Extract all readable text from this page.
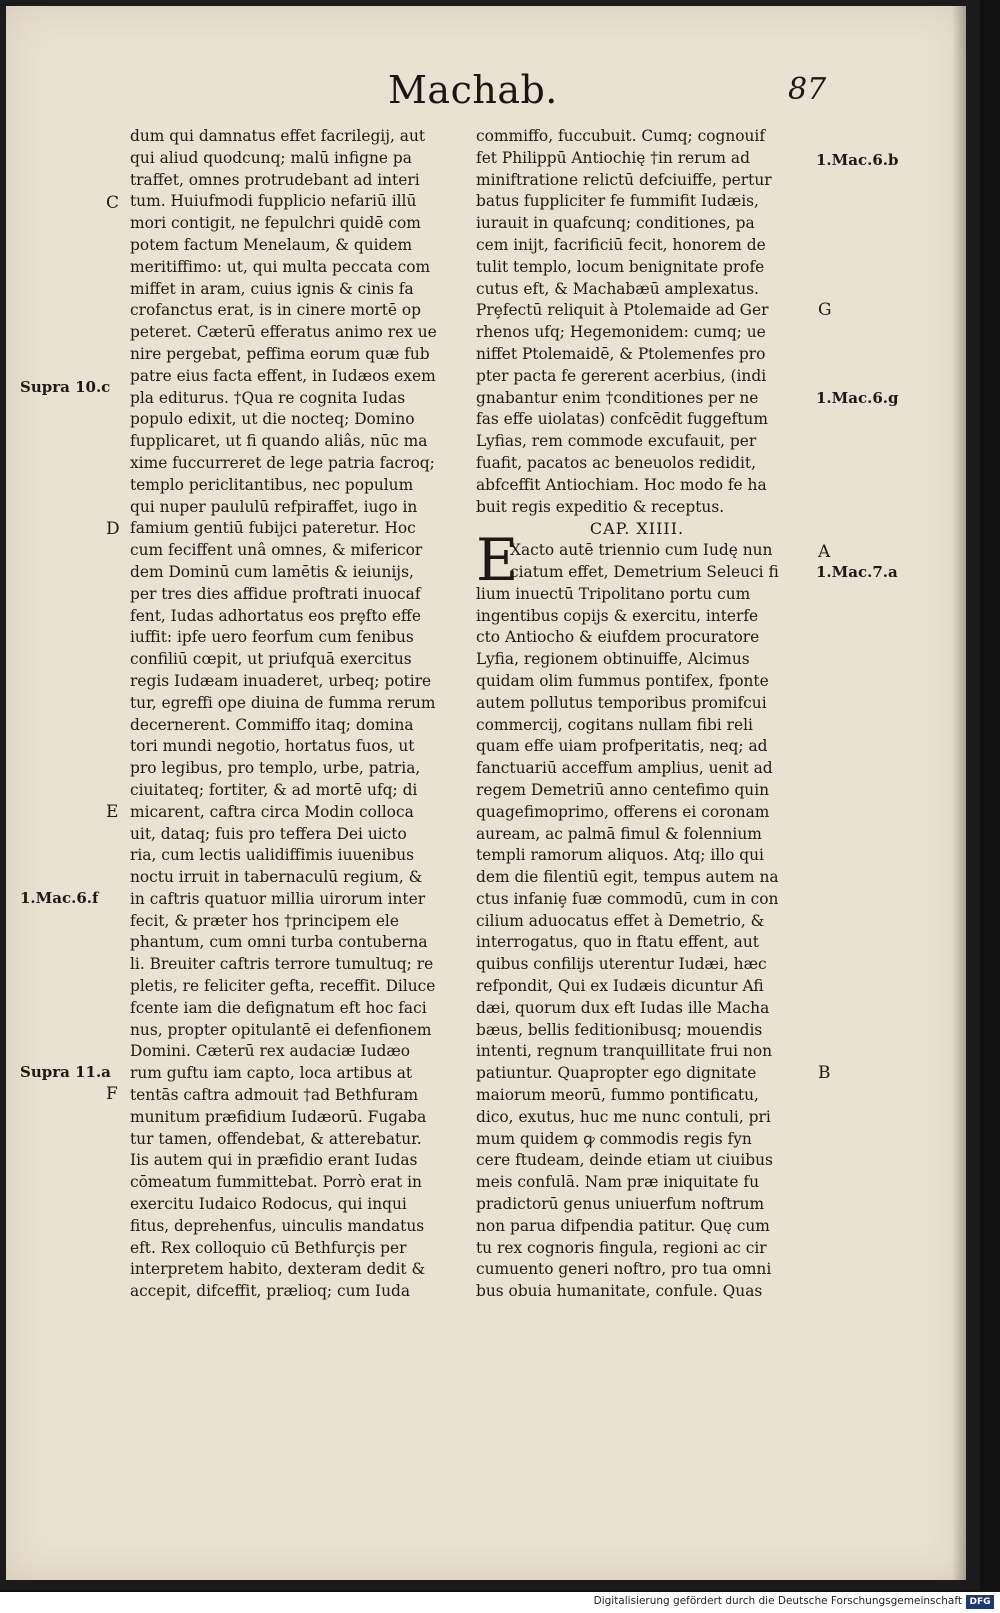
Machab.	87
dum qui damnatus effet facrilegij, aut
qui aliud quodcunq; malū infigne pa
traffet, omnes protrudebant ad interi
tum. Huiufmodi fupplicio nefariū illū
mori contigit, ne fepulchri quidē com
potem factum Menelaum, & quidem
meritiffimo: ut, qui multa peccata com
miffet in aram, cuius ignis & cinis fa
crofanctus erat, is in cinere mortē op
peteret. Cæterū efferatus animo rex ue
nire pergebat, peffima eorum quæ fub
patre eius facta effent, in Iudæos exem
pla editurus. †Qua re cognita Iudas
populo edixit, ut die nocteq; Domino
fupplicaret, ut fi quando aliâs, nūc ma
xime fuccurreret de lege patria facroq;
templo periclitantibus, nec populum
qui nuper paululū refpiraffet, iugo in
famium gentiū fubijci pateretur. Hoc
cum feciffent unâ omnes, & mifericor
dem Dominū cum lamētis & ieiunijs,
per tres dies affidue proftrati inuocaf
fent, Iudas adhortatus eos prȩfto effe
iuffit: ipfe uero feorfum cum fenibus
confiliū cœpit, ut priufquā exercitus
regis Iudæam inuaderet, urbeq; potire
tur, egreffi ope diuina de fumma rerum
decernerent. Commiffo itaq; domina
tori mundi negotio, hortatus fuos, ut
pro legibus, pro templo, urbe, patria,
ciuitateq; fortiter, & ad mortē ufq; di
micarent, caftra circa Modin colloca
uit, dataq; fuis pro tefferа Dei uicto
ria, cum lectis ualidiffimis iuuenibus
noctu irruit in tabernaculū regium, &
in caftris quatuor millia uirorum inter
fecit, & præter hos †principem ele
phantum, cum omni turba contuberna
li. Breuiter caftris terrore tumultuq; re
pletis, re feliciter gefta, receffit. Diluce
fcente iam die defignatum eft hoc faci
nus, propter opitulantē ei defenfionem
Domini. Cæterū rex audaciæ Iudæo
rum guftu iam capto, loca artibus at
tentās caftra admouit †ad Bethfuram
munitum præfidium Iudæorū. Fugaba
tur tamen, offendebat, & atterebatur.
Iis autem qui in præfidio erant Iudas
cōmeatum fummittebat. Porrò erat in
exercitu Iudaico Rodocus, qui inqui
fitus, deprehenfus, uinculis mandatus
eft. Rex colloquio cū Bethfurçis per
interpretem habito, dexteram dedit &
accepit, difceffit, prælioq; cum Iuda
commiffo, fuccubuit. Cumq; cognouif
fet Philippū Antiochię †in rerum ad
miniftratione relictū defciuiffe, pertur
batus fuppliciter fe fummifit Iudæis,
iurauit in quafcunq; conditiones, pa
cem inijt, facrificiū fecit, honorem de
tulit templo, locum benignitate profe
cutus eft, & Machabæū amplexatus.
Prȩfectū reliquit à Ptolemaide ad Ger
rhenos ufq; Hegemonidem: cumq; ue
niffet Ptolemaidē, & Ptolemenfes pro
pter pacta fe gererent acerbius, (indi
gnabantur enim †conditiones per ne
fas effe uiolatas) confcēdit fuggeftum
Lyfias, rem commode excufauit, per
fuafit, pacatos ac beneuolos redidit,
abfceffit Antiochiam. Hoc modo fe ha
buit regis expeditio & receptus.
CAP. XIIII.
Xacto autē triennio cum Iudę nun
ciatum effet, Demetrium Seleuci fi
lium inuectū Tripolitano portu cum
ingentibus copijs & exercitu, interfe
cto Antiocho & eiufdem procuratore
Lyfia, regionem obtinuiffe, Alcimus
quidam olim fummus pontifex, fponte
autem pollutus temporibus promifcui
commercij, cogitans nullam fibi reli
quam effe uiam profperitatis, neq; ad
fanctuariū acceffum amplius, uenit ad
regem Demetriū anno centefimo quin
quagefimoprimo, offerens ei coronam
auream, ac palmā fimul & folennium
templi ramorum aliquos. Atq; illo qui
dem die filentiū egit, tempus autem na
ctus infaniȩ fuæ commodū, cum in con
cilium aduocatus effet à Demetrio, &
interrogatus, quo in ftatu effent, aut
quibus confilijs uterentur Iudæi, hæc
refpondit, Qui ex Iudæis dicuntur Afi
dæi, quorum dux eft Iudas ille Macha
bæus, bellis feditionibusq; mouendis
intenti, regnum tranquillitate frui non
patiuntur. Quapropter ego dignitate
maiorum meorū, fummo pontificatu,
dico, exutus, huc me nunc contuli, pri
mum quidem ꝙ commodis regis fyn
cere ftudeam, deinde etiam ut ciuibus
meis confulā. Nam præ iniquitate fu
pradictorū genus uniuerfum noftrum
non parua difpendia patitur. Quę cum
tu rex cognoris fingula, regioni ac cir
cumuento generi noftro, pro tua omni
bus obuia humanitate, confule. Quas
Supra 10.c
1.Mac.6.f
Supra 11.a
C
D
E
F
1.Mac.6.b
1.Mac.6.g
1.Mac.7.a
G
A
B
E
Digitalisierung gefördert durch die Deutsche Forschungsgemeinschaft DFG
